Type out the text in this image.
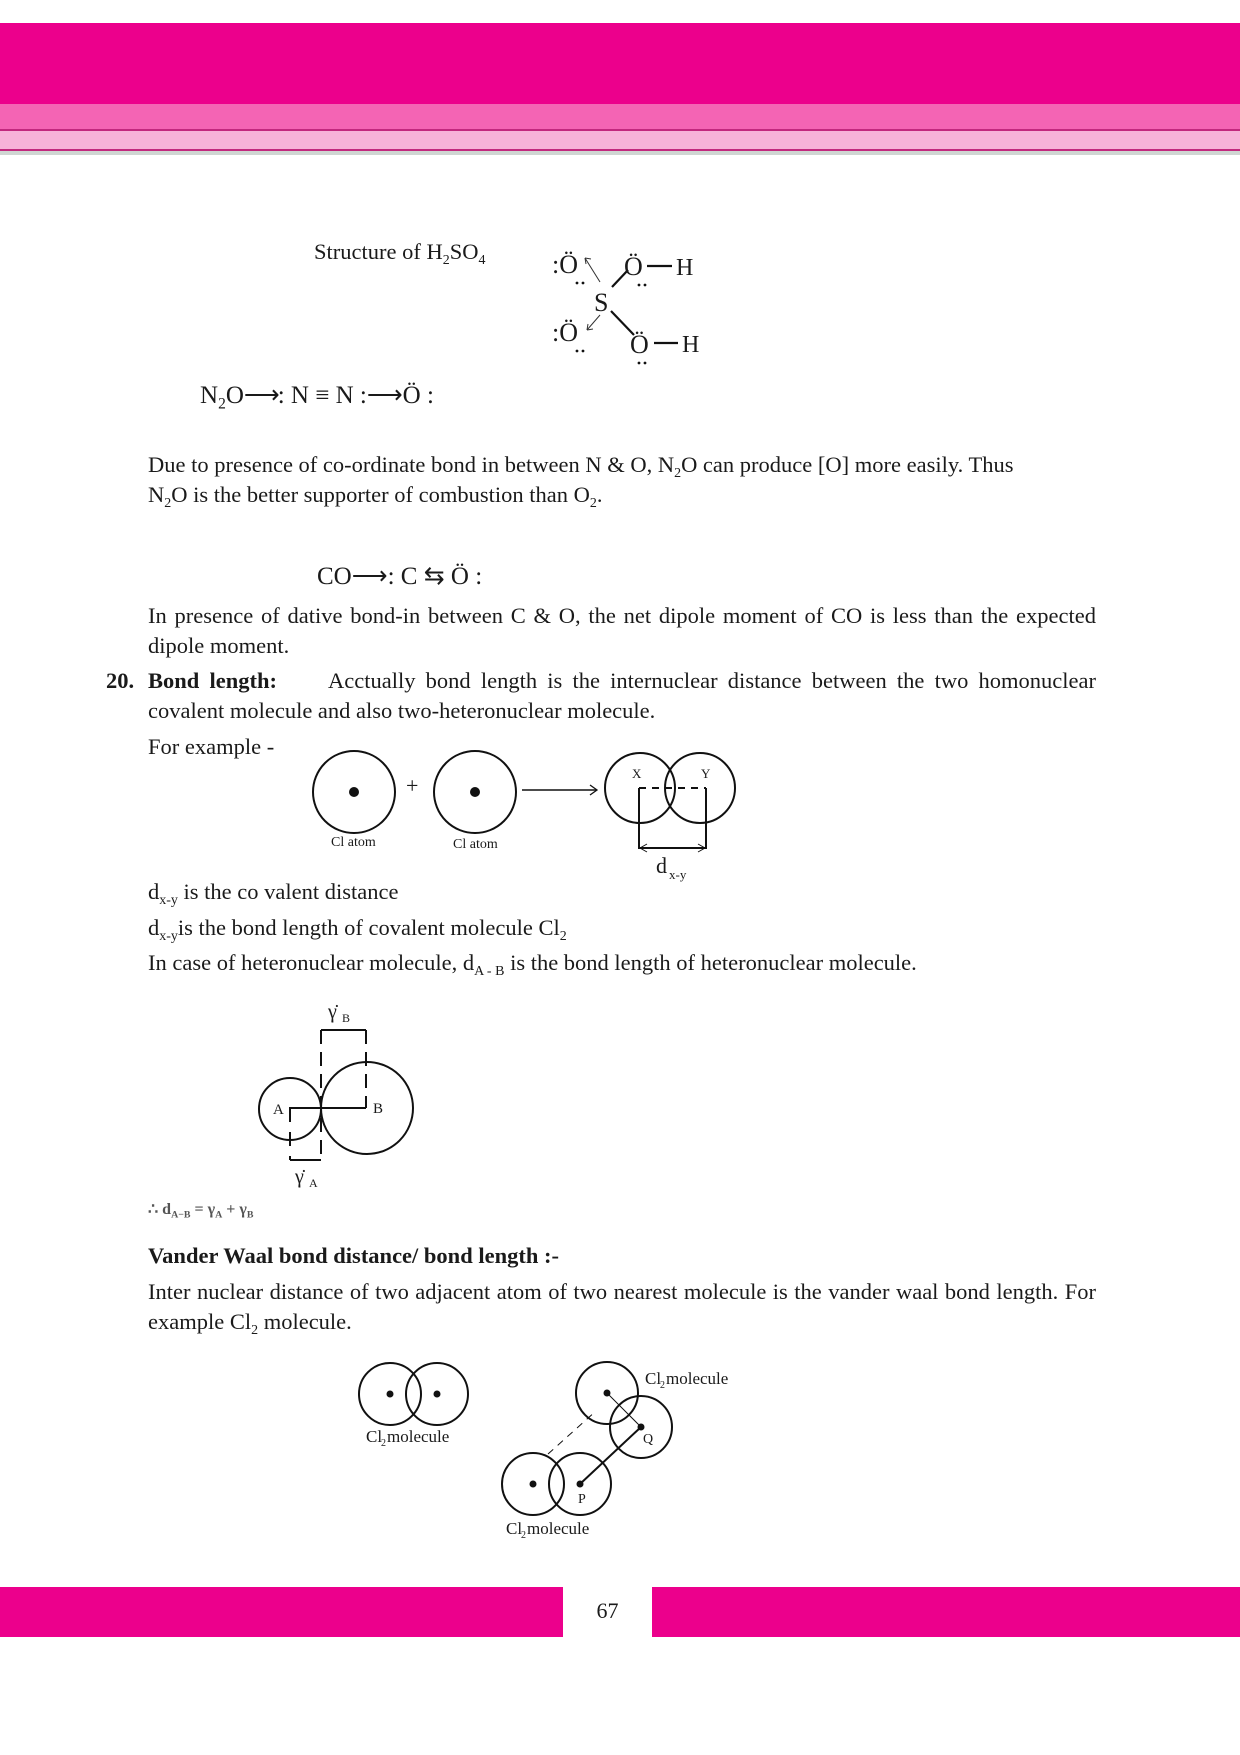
Structure of $H_2SO_4$	:Ö Ö
S
:Ö Ö
H
H
$N_2O⟶$: N ≡ N :⟶Ö :
Due to presence of co-ordinate bond in between N & O, $N_2O$ can produce [O] more easily. Thus
$N_2O$ is the better supporter of combustion than $O_2$.
CO⟶: C ⇆ Ö :
In presence of dative bond-in between C & O, the net dipole moment of CO is less than the expected dipole moment.
20. Bond length: Acctually bond length is the internuclear distance between the two homonuclear covalent molecule and also two-heteronuclear molecule.
For example -
+
Cl atom	Cl atom
X	Y
d x-y
$d_{x-y}$ is the co valent distance
$d_{x-y}is$ the bond length of covalent molecule $Cl_2$
In case of heteronuclear molecule, $d_{A - B}$ is the bond length of heteronuclear molecule.
A	B
γ̇ B
γ̇ A
∴ $d_{A-B} = \gamma_A + \gamma_B$
Vander Waal bond distance/ bond length :-
Inter nuclear distance of two adjacent atom of two nearest molecule is the vander waal bond length. For example $Cl_2$ molecule.
Cl
2 molecule
Cl
2 molecule
Q
P
Cl
2 molecule
67
